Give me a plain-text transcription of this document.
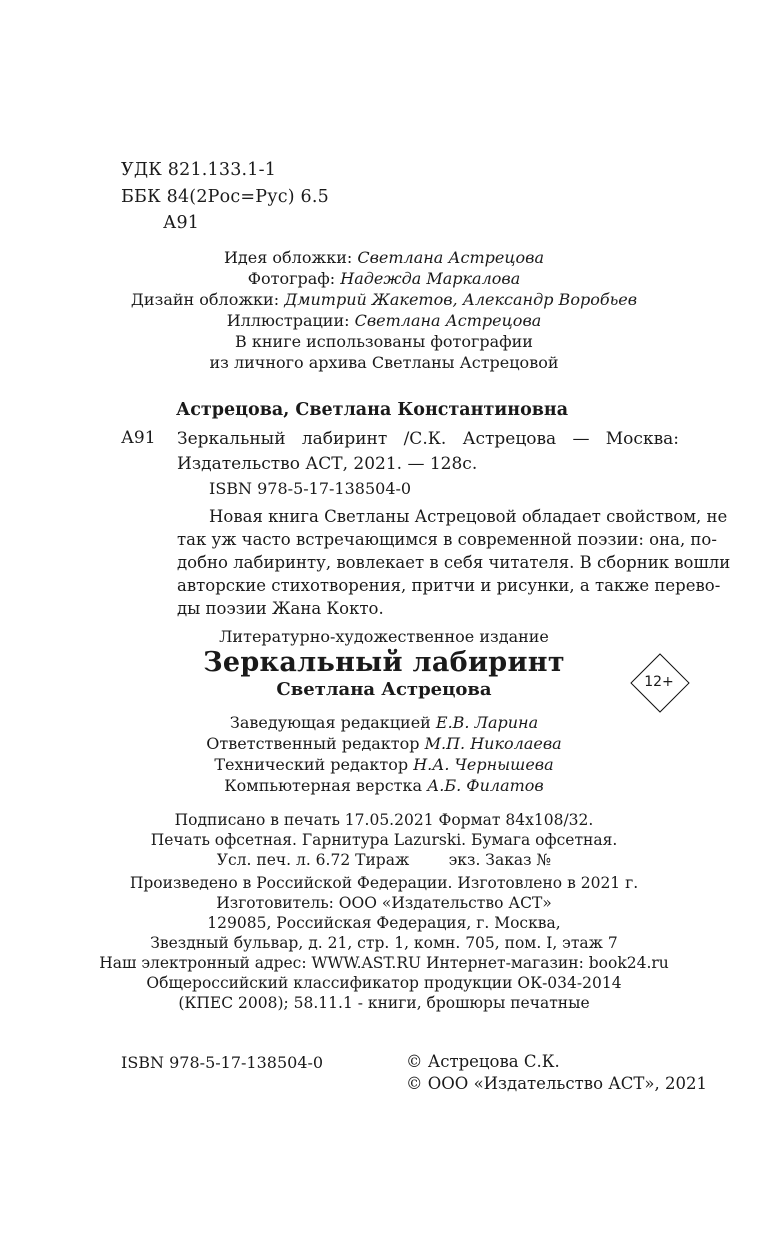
УДК 821.133.1-1
ББК 84(2Рос=Рус) 6.5
А91
Идея обложки: Светлана Астрецова
Фотограф: Надежда Маркалова
Дизайн обложки: Дмитрий Жакетов, Александр Воробьев
Иллюстрации: Светлана Астрецова
В книге использованы фотографии
из личного архива Светланы Астрецовой
Астрецова, Светлана Константиновна
А91 Зеркальный лабиринт /С.К. Астрецова — Москва:
Издательство АСТ, 2021. — 128с.
ISBN 978-5-17-138504-0
Новая книга Светланы Астрецовой обладает свойством, не
так уж часто встречающимся в современной поэзии: она, по-
добно лабиринту, вовлекает в себя читателя. В сборник вошли
авторские стихотворения, притчи и рисунки, а также перево-
ды поэзии Жана Кокто.
Литературно-художественное издание
Зеркальный лабиринт
Светлана Астрецова	12+
Заведующая редакцией Е.В. Ларина
Ответственный редактор М.П. Николаева
Технический редактор Н.А. Чернышева
Компьютерная верстка А.Б. Филатов
Подписано в печать 17.05.2021 Формат 84х108/32.
Печать офсетная. Гарнитура Lazurski. Бумага офсетная.
Усл. печ. л. 6.72 Тираж        экз. Заказ №
Произведено в Российской Федерации. Изготовлено в 2021 г.
Изготовитель: ООО «Издательство АСТ»
129085, Российская Федерация, г. Москва,
Звездный бульвар, д. 21, стр. 1, комн. 705, пом. I, этаж 7
Наш электронный адрес: WWW.AST.RU Интернет-магазин: book24.ru
Общероссийский классификатор продукции ОК-034-2014
(КПЕС 2008); 58.11.1 - книги, брошюры печатные
ISBN 978-5-17-138504-0	© Астрецова С.К.
© ООО «Издательство АСТ», 2021
